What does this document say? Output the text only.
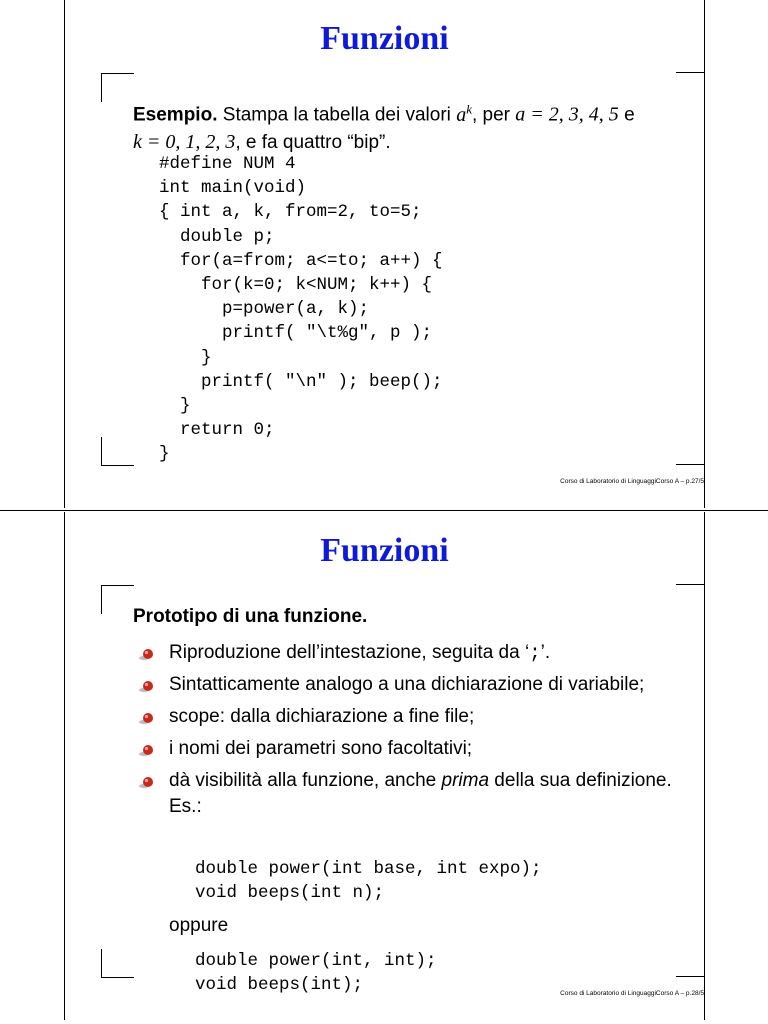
Funzioni

Esempio. Stampa la tabella dei valori $a^k$, per a = 2, 3, 4, 5 e
k = 0, 1, 2, 3, e fa quattro “bip”.

#define NUM 4
int main(void)
{ int a, k, from=2, to=5;
double p;
for(a=from; a<=to; a++) {
for(k=0; k<NUM; k++) {
p=power(a, k);
printf( "\t%g", p );
}
printf( "\n" ); beep();
}
return 0;
}
Corso di Laboratorio di LinguaggiCorso A – p.27/5
Funzioni

Prototipo di una funzione.

Riproduzione dell’intestazione, seguita da ‘;’.
Sintatticamente analogo a una dichiarazione di variabile;
scope: dalla dichiarazione a fine file;
i nomi dei parametri sono facoltativi;
dà visibilità alla funzione, anche prima della sua definizione. Es.:
double power(int base, int expo);
void beeps(int n);

oppure

double power(int, int);
void beeps(int);	Corso di Laboratorio di LinguaggiCorso A – p.28/5
